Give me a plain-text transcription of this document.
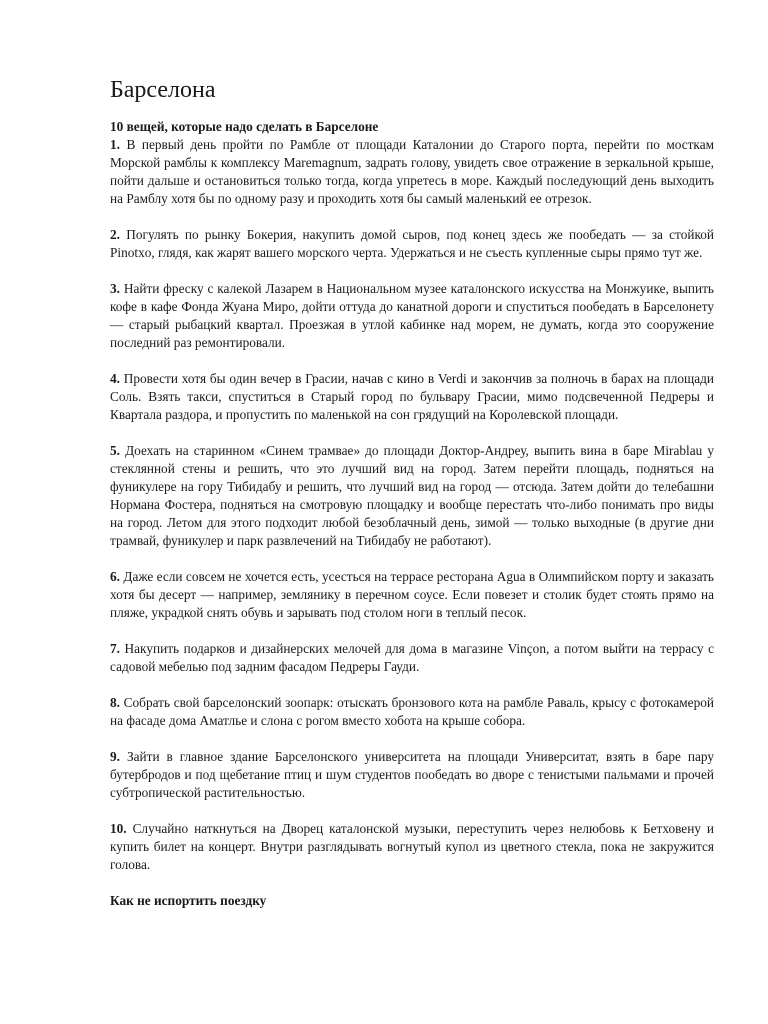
Барселона

10 вещей, которые надо сделать в Барселоне

1. В первый день пройти по Рамбле от площади Каталонии до Старого порта, перейти по мосткам Морской рамблы к комплексу Maremagnum, задрать голову, увидеть свое отражение в зеркальной крыше, пойти дальше и остановиться только тогда, когда упретесь в море. Каждый последующий день выходить на Рамблу хотя бы по одному разу и проходить хотя бы самый маленький ее отрезок.

2. Погулять по рынку Бокерия, накупить домой сыров, под конец здесь же пообедать — за стойкой Pinotxo, глядя, как жарят вашего морского черта. Удержаться и не съесть купленные сыры прямо тут же.

3. Найти фреску с калекой Лазарем в Национальном музее каталонского искусства на Монжуике, выпить кофе в кафе Фонда Жуана Миро, дойти оттуда до канатной дороги и спуститься пообедать в Барселонету — старый рыбацкий квартал. Проезжая в утлой кабинке над морем, не думать, когда это сооружение последний раз ремонтировали.

4. Провести хотя бы один вечер в Грасии, начав с кино в Verdi и закончив за полночь в барах на площади Соль. Взять такси, спуститься в Старый город по бульвару Грасии, мимо подсвеченной Педреры и Квартала раздора, и пропустить по маленькой на сон грядущий на Королевской площади.

5. Доехать на старинном «Синем трамвае» до площади Доктор-Андреу, выпить вина в баре Mirablau у стеклянной стены и решить, что это лучший вид на город. Затем перейти площадь, подняться на фуникулере на гору Тибидабу и решить, что лучший вид на город — отсюда. Затем дойти до телебашни Нормана Фостера, подняться на смотровую площадку и вообще перестать что-либо понимать про виды на город. Летом для этого подходит любой безоблачный день, зимой — только выходные (в другие дни трамвай, фуникулер и парк развлечений на Тибидабу не работают).

6. Даже если совсем не хочется есть, усесться на террасе ресторана Agua в Олимпийском порту и заказать хотя бы десерт — например, землянику в перечном соусе. Если повезет и столик будет стоять прямо на пляже, украдкой снять обувь и зарывать под столом ноги в теплый песок.

7. Накупить подарков и дизайнерских мелочей для дома в магазине Vinçon, а потом выйти на террасу с садовой мебелью под задним фасадом Педреры Гауди.

8. Собрать свой барселонский зоопарк: отыскать бронзового кота на рамбле Раваль, крысу с фотокамерой на фасаде дома Аматлье и слона с рогом вместо хобота на крыше собора.

9. Зайти в главное здание Барселонского университета на площади Университат, взять в баре пару бутербродов и под щебетание птиц и шум студентов пообедать во дворе с тенистыми пальмами и прочей субтропической растительностью.

10. Случайно наткнуться на Дворец каталонской музыки, переступить через нелюбовь к Бетховену и купить билет на концерт. Внутри разглядывать вогнутый купол из цветного стекла, пока не закружится голова.

Как не испортить поездку
